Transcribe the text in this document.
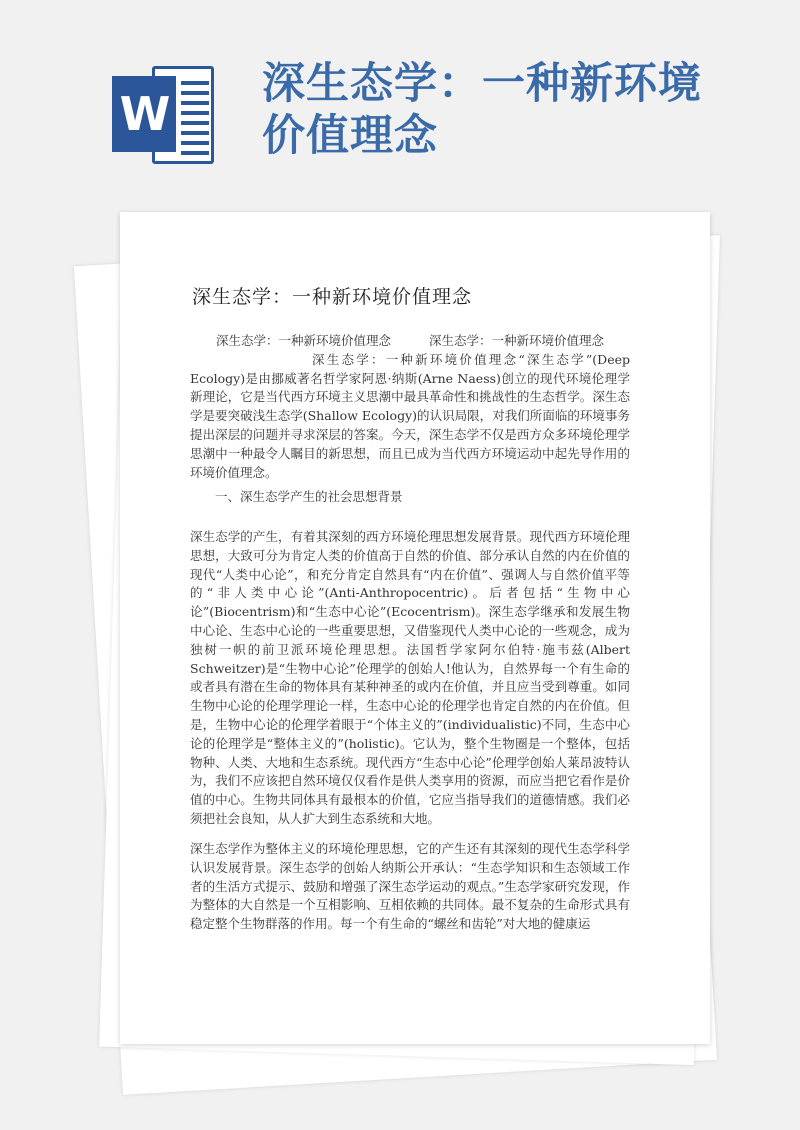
W
深生态学：一种新环境价值理念
深生态学：一种新环境价值理念
深生态学：一种新环境价值理念	深生态学：一种新环境价值理念
深生态学：一种新环境价值理念“深生态学”(Deep Ecology)是由挪威著名哲学家阿恩·纳斯(Arne Naess)创立的现代环境伦理学新理论，它是当代西方环境主义思潮中最具革命性和挑战性的生态哲学。深生态学是要突破浅生态学(Shallow Ecology)的认识局限，对我们所面临的环境事务提出深层的问题并寻求深层的答案。今天，深生态学不仅是西方众多环境伦理学思潮中一种最令人瞩目的新思想，而且已成为当代西方环境运动中起先导作用的环境价值理念。
一、深生态学产生的社会思想背景

深生态学的产生，有着其深刻的西方环境伦理思想发展背景。现代西方环境伦理思想，大致可分为肯定人类的价值高于自然的价值、部分承认自然的内在价值的现代“人类中心论”，和充分肯定自然具有“内在价值”、强调人与自然价值平等的“非人类中心论”(Anti-Anthropocentric)。后者包括“生物中心论”(Biocentrism)和“生态中心论”(Ecocentrism)。深生态学继承和发展生物中心论、生态中心论的一些重要思想，又借鉴现代人类中心论的一些观念，成为独树一帜的前卫派环境伦理思想。法国哲学家阿尔伯特·施韦兹(Albert Schweitzer)是“生物中心论”伦理学的创始人!他认为，自然界每一个有生命的或者具有潜在生命的物体具有某种神圣的或内在价值，并且应当受到尊重。如同生物中心论的伦理学理论一样，生态中心论的伦理学也肯定自然的内在价值。但是，生物中心论的伦理学着眼于“个体主义的”(individualistic)不同，生态中心论的伦理学是“整体主义的”(holistic)。它认为，整个生物圈是一个整体，包括物种、人类、大地和生态系统。现代西方“生态中心论”伦理学创始人莱昂波特认为，我们不应该把自然环境仅仅看作是供人类享用的资源，而应当把它看作是价值的中心。生物共同体具有最根本的价值，它应当指导我们的道德情感。我们必须把社会良知，从人扩大到生态系统和大地。

深生态学作为整体主义的环境伦理思想，它的产生还有其深刻的现代生态学科学认识发展背景。深生态学的创始人纳斯公开承认：“生态学知识和生态领域工作者的生活方式提示、鼓励和增强了深生态学运动的观点。”生态学家研究发现，作为整体的大自然是一个互相影响、互相依赖的共同体。最不复杂的生命形式具有稳定整个生物群落的作用。每一个有生命的“螺丝和齿轮”对大地的健康运
